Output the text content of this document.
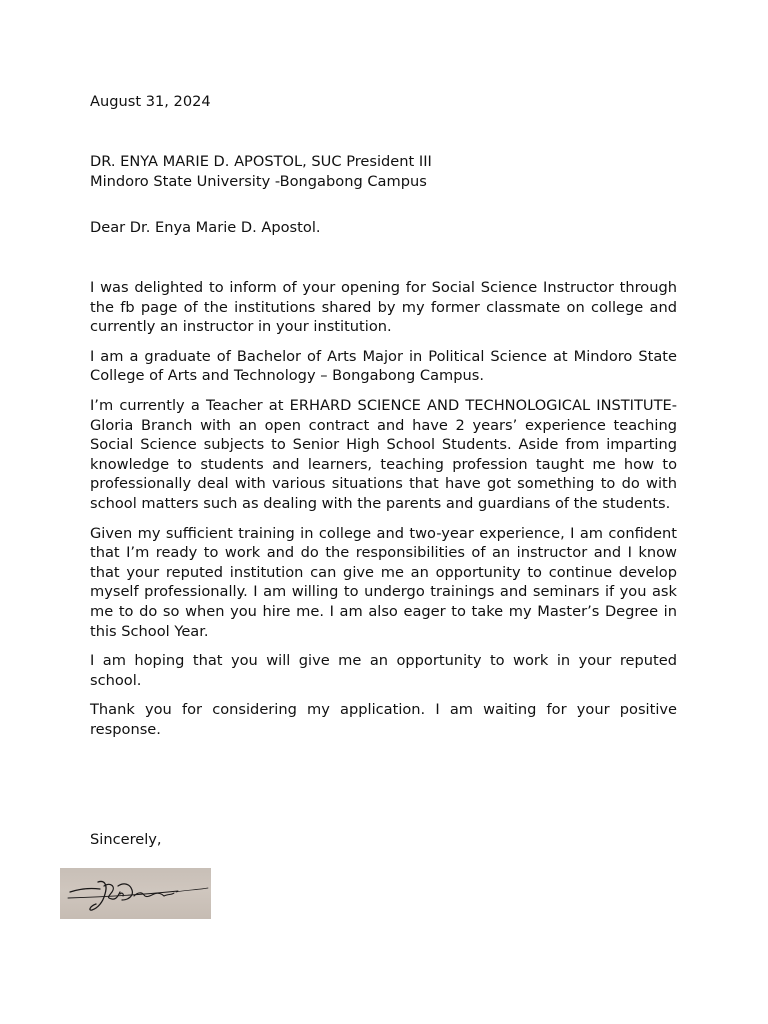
August 31, 2024

DR. ENYA MARIE D. APOSTOL, SUC President III
Mindoro State University -Bongabong Campus

Dear Dr. Enya Marie D. Apostol.

I was delighted to inform of your opening for Social Science Instructor through the fb page of the institutions shared by my former classmate on college and currently an instructor in your institution.

I am a graduate of Bachelor of Arts Major in Political Science at Mindoro State College of Arts and Technology – Bongabong Campus.

I’m currently a Teacher at ERHARD SCIENCE AND TECHNOLOGICAL INSTITUTE- Gloria Branch with an open contract and have 2 years’ experience teaching Social Science subjects to Senior High School Students. Aside from imparting knowledge to students and learners, teaching profession taught me how to professionally deal with various situations that have got something to do with school matters such as dealing with the parents and guardians of the students.

Given my sufficient training in college and two-year experience, I am confident that I’m ready to work and do the responsibilities of an instructor and I know that your reputed institution can give me an opportunity to continue develop myself professionally. I am willing to undergo trainings and seminars if you ask me to do so when you hire me. I am also eager to take my Master’s Degree in this School Year.

I am hoping that you will give me an opportunity to work in your reputed school.

Thank you for considering my application. I am waiting for your positive response.

Sincerely,
